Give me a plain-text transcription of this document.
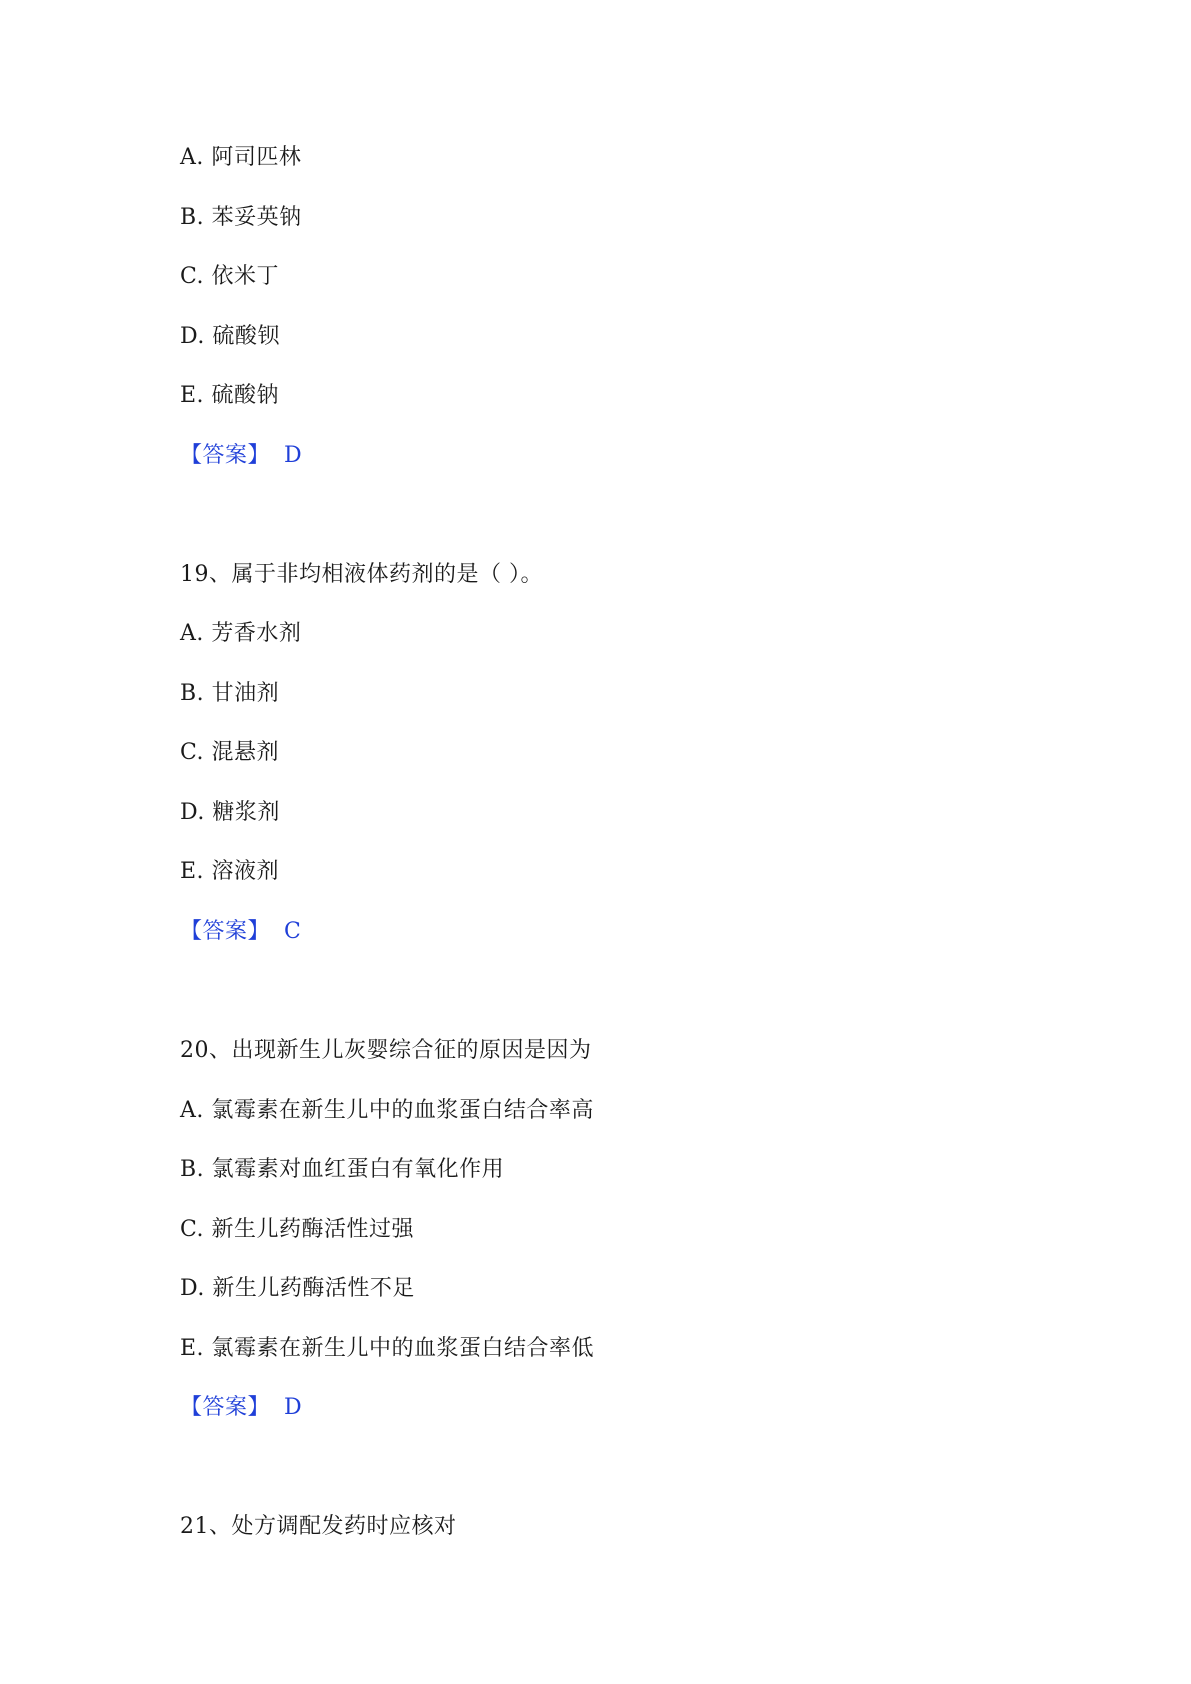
A. 阿司匹林
B. 苯妥英钠
C. 依米丁
D. 硫酸钡
E. 硫酸钠
【答案】 D
19、属于非均相液体药剂的是（ ）。
A. 芳香水剂
B. 甘油剂
C. 混悬剂
D. 糖浆剂
E. 溶液剂
【答案】 C
20、出现新生儿灰婴综合征的原因是因为
A. 氯霉素在新生儿中的血浆蛋白结合率高
B. 氯霉素对血红蛋白有氧化作用
C. 新生儿药酶活性过强
D. 新生儿药酶活性不足
E. 氯霉素在新生儿中的血浆蛋白结合率低
【答案】 D
21、处方调配发药时应核对
